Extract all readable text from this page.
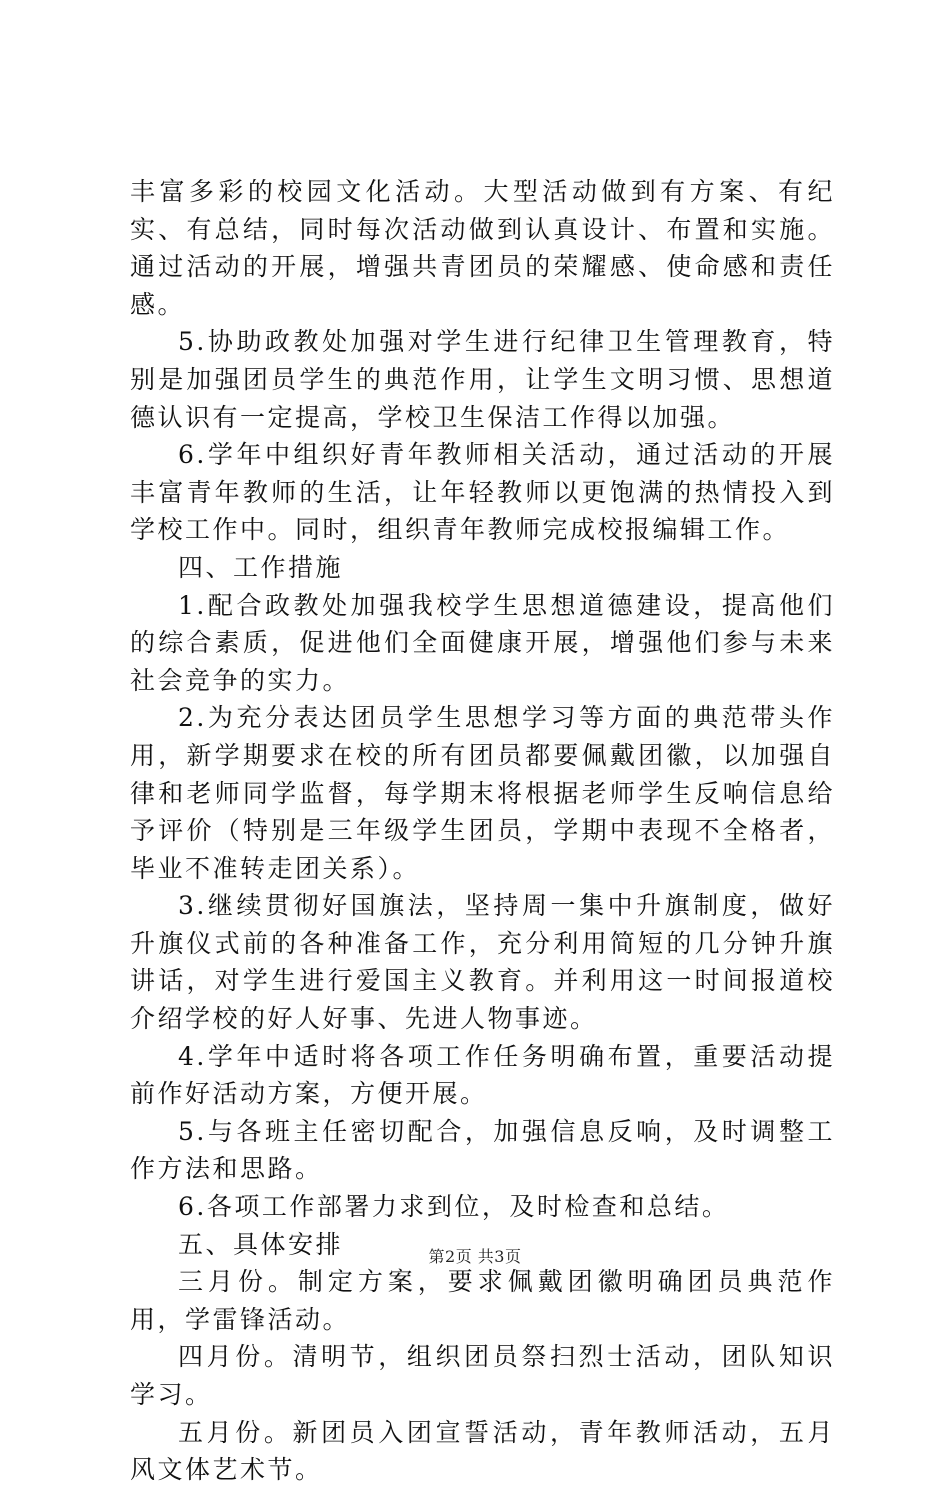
丰富多彩的校园文化活动。大型活动做到有方案、有纪实、有总结，同时每次活动做到认真设计、布置和实施。通过活动的开展，增强共青团员的荣耀感、使命感和责任感。

5.协助政教处加强对学生进行纪律卫生管理教育，特别是加强团员学生的典范作用，让学生文明习惯、思想道德认识有一定提高，学校卫生保洁工作得以加强。

6.学年中组织好青年教师相关活动，通过活动的开展丰富青年教师的生活，让年轻教师以更饱满的热情投入到学校工作中。同时，组织青年教师完成校报编辑工作。

四、工作措施

1.配合政教处加强我校学生思想道德建设，提高他们的综合素质，促进他们全面健康开展，增强他们参与未来社会竞争的实力。

2.为充分表达团员学生思想学习等方面的典范带头作用，新学期要求在校的所有团员都要佩戴团徽，以加强自律和老师同学监督，每学期末将根据老师学生反响信息给予评价（特别是三年级学生团员，学期中表现不全格者，毕业不准转走团关系）。

3.继续贯彻好国旗法，坚持周一集中升旗制度，做好升旗仪式前的各种准备工作，充分利用简短的几分钟升旗讲话，对学生进行爱国主义教育。并利用这一时间报道校介绍学校的好人好事、先进人物事迹。

4.学年中适时将各项工作任务明确布置，重要活动提前作好活动方案，方便开展。

5.与各班主任密切配合，加强信息反响，及时调整工作方法和思路。

6.各项工作部署力求到位，及时检查和总结。

五、具体安排

三月份。制定方案，要求佩戴团徽明确团员典范作用，学雷锋活动。

四月份。清明节，组织团员祭扫烈士活动，团队知识学习。

五月份。新团员入团宣誓活动，青年教师活动，五月风文体艺术节。

第2页 共3页
